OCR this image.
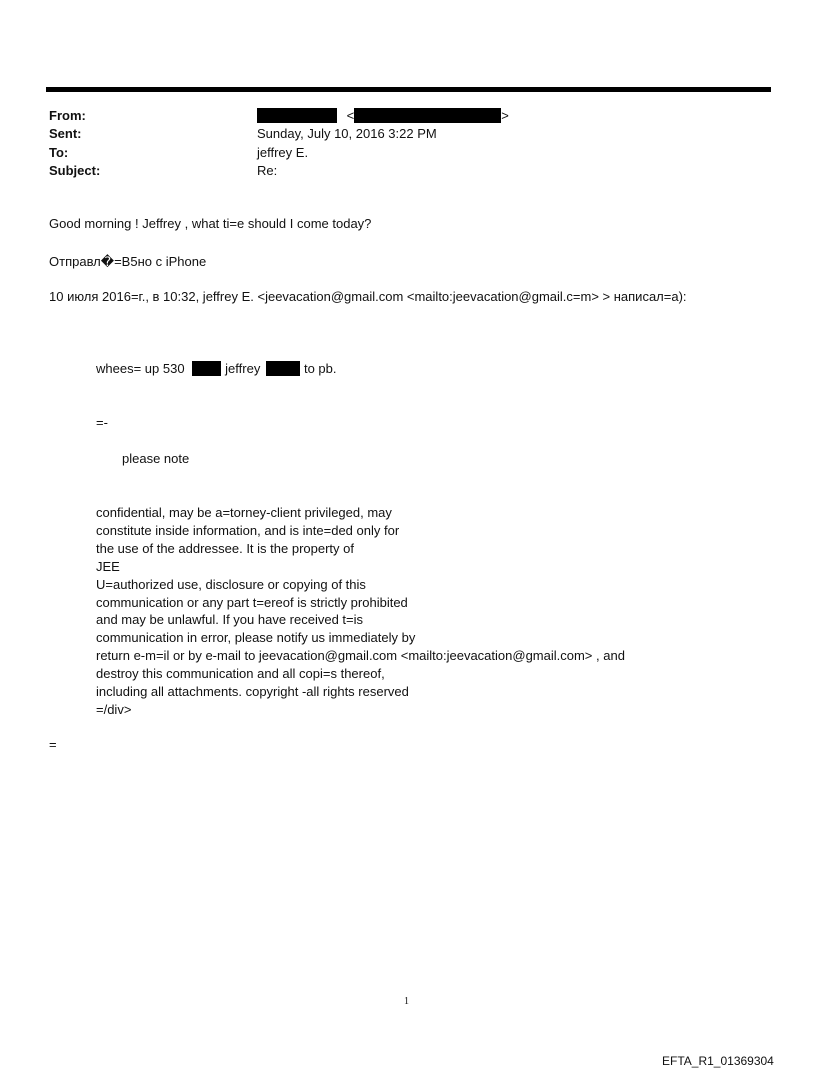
From:	<	>
Sent:	Sunday, July 10, 2016 3:22 PM
To:	jeffrey E.
Subject:	Re:
Good morning ! Jeffrey , what ti=e should I come today?
Отправл�=B5но с iPhone
10 июля 2016=г., в 10:32, jeffrey E. <jeevacation@gmail.com <mailto:jeevacation@gmail.c=m> > написал=а):
whees= up 530	jeffrey	to pb.
=-
please note
confidential, may be a=torney-client privileged, may
constitute inside information, and is inte=ded only for
the use of the addressee. It is the property of
JEE
U=authorized use, disclosure or copying of this
communication or any part t=ereof is strictly prohibited
and may be unlawful. If you have received t=is
communication in error, please notify us immediately by
return e-m=il or by e-mail to jeevacation@gmail.com <mailto:jeevacation@gmail.com> , and
destroy this communication and all copi=s thereof,
including all attachments. copyright -all rights reserved
=/div>
=
1
EFTA_R1_01369304
